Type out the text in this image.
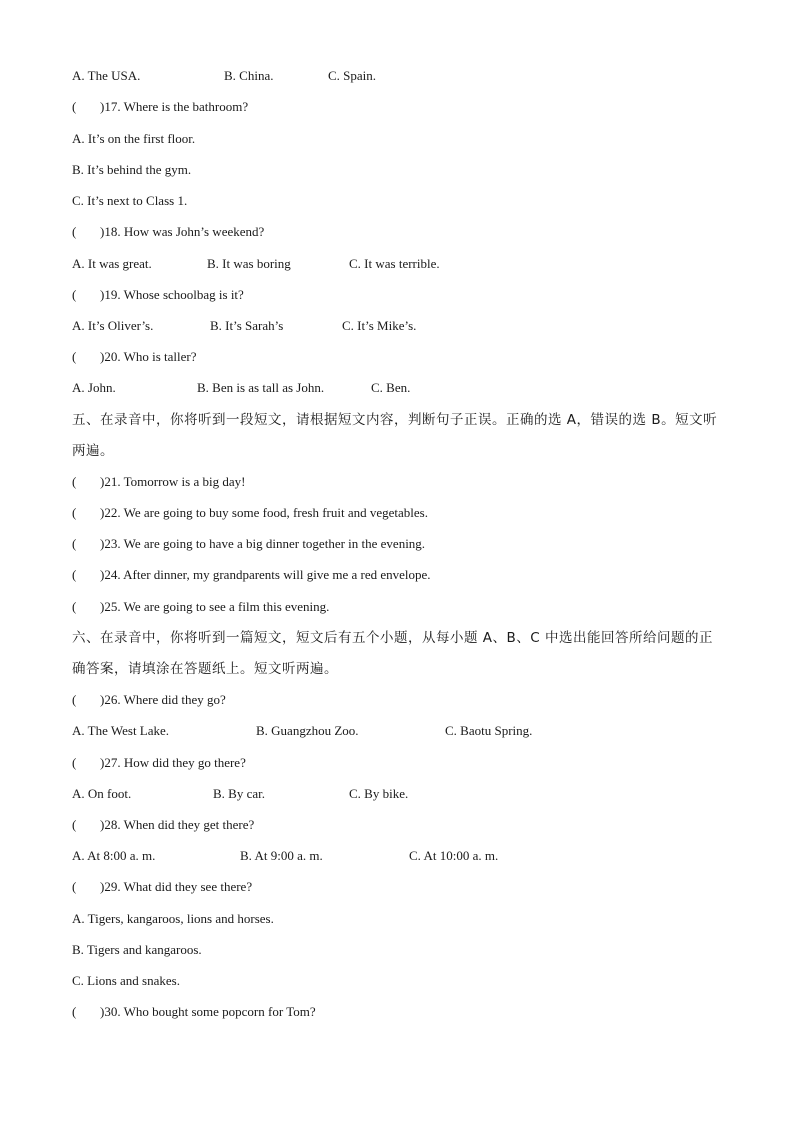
A. The USA.	B. China.	C. Spain.
( )17. Where is the bathroom?
A. It’s on the first floor.
B. It’s behind the gym.
C. It’s next to Class 1.
( )18. How was John’s weekend?
A. It was great.	B. It was boring	C. It was terrible.
( )19. Whose schoolbag is it?
A. It’s Oliver’s.	B. It’s Sarah’s	C. It’s Mike’s.
( )20. Who is taller?
A. John.	B. Ben is as tall as John.	C. Ben.
五、在录音中，你将听到一段短文，请根据短文内容，判断句子正误。正确的选 A，错误的选 B。短文听
两遍。
( )21. Tomorrow is a big day!
( )22. We are going to buy some food, fresh fruit and vegetables.
( )23. We are going to have a big dinner together in the evening.
( )24. After dinner, my grandparents will give me a red envelope.
( )25. We are going to see a film this evening.
六、在录音中，你将听到一篇短文，短文后有五个小题，从每小题 A、B、C 中选出能回答所给问题的正
确答案，请填涂在答题纸上。短文听两遍。
( )26. Where did they go?
A. The West Lake.	B. Guangzhou Zoo.	C. Baotu Spring.
( )27. How did they go there?
A. On foot.	B. By car.	C. By bike.
( )28. When did they get there?
A. At 8:00 a. m.	B. At 9:00 a. m.	C. At 10:00 a. m.
( )29. What did they see there?
A. Tigers, kangaroos, lions and horses.
B. Tigers and kangaroos.
C. Lions and snakes.
( )30. Who bought some popcorn for Tom?
